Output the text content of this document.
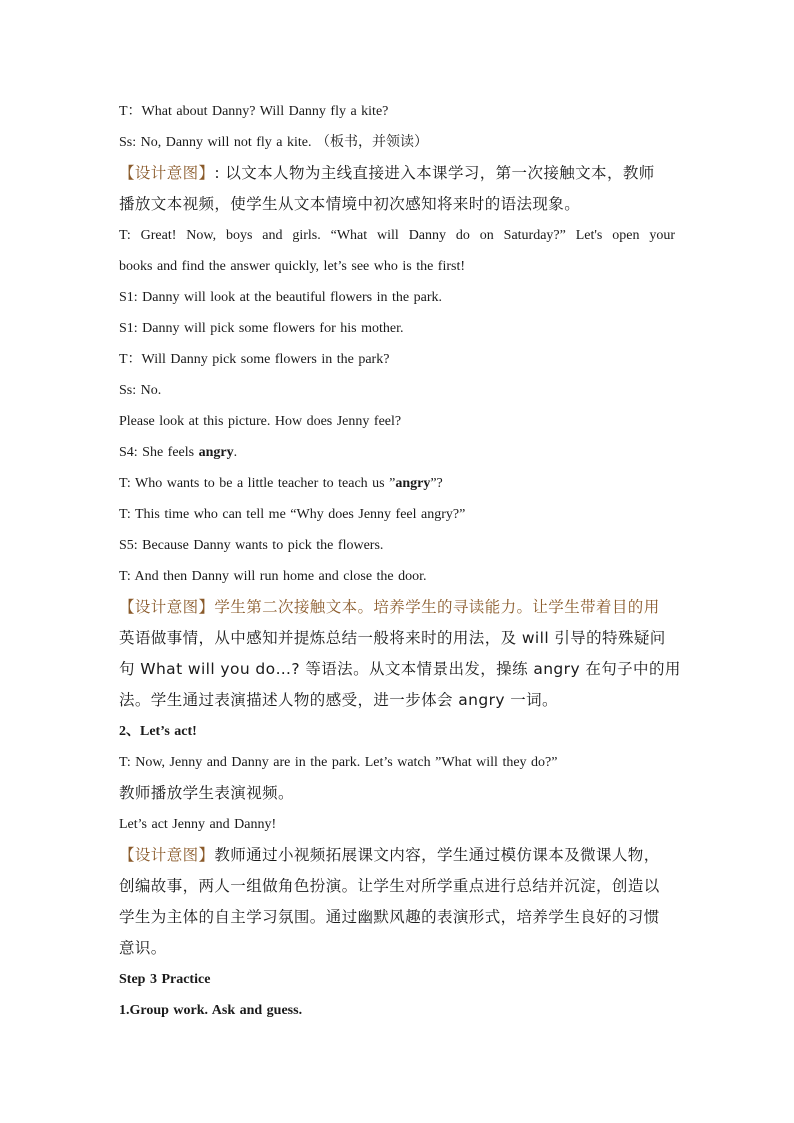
T：What about Danny? Will Danny fly a kite?
Ss: No, Danny will not fly a kite. （板书，并领读）
【设计意图】: 以文本人物为主线直接进入本课学习，第一次接触文本，教师
播放文本视频，使学生从文本情境中初次感知将来时的语法现象。
T: Great! Now, boys and girls. “What will Danny do on Saturday?” Let's open your
books and find the answer quickly, let’s see who is the first!
S1: Danny will look at the beautiful flowers in the park.
S1: Danny will pick some flowers for his mother.
T：Will Danny pick some flowers in the park?
Ss: No.
Please look at this picture. How does Jenny feel?
S4: She feels angry.
T: Who wants to be a little teacher to teach us ”angry”?
T: This time who can tell me “Why does Jenny feel angry?”
S5: Because Danny wants to pick the flowers.
T: And then Danny will run home and close the door.
【设计意图】学生第二次接触文本。培养学生的寻读能力。让学生带着目的用
英语做事情，从中感知并提炼总结一般将来时的用法，及 will 引导的特殊疑问
句 What will you do…? 等语法。从文本情景出发，操练 angry 在句子中的用
法。学生通过表演描述人物的感受，进一步体会 angry 一词。
2、Let’s act!
T: Now, Jenny and Danny are in the park. Let’s watch ”What will they do?”
教师播放学生表演视频。
Let’s act Jenny and Danny!
【设计意图】教师通过小视频拓展课文内容，学生通过模仿课本及微课人物，
创编故事，两人一组做角色扮演。让学生对所学重点进行总结并沉淀，创造以
学生为主体的自主学习氛围。通过幽默风趣的表演形式，培养学生良好的习惯
意识。
Step 3 Practice
1.Group work. Ask and guess.
